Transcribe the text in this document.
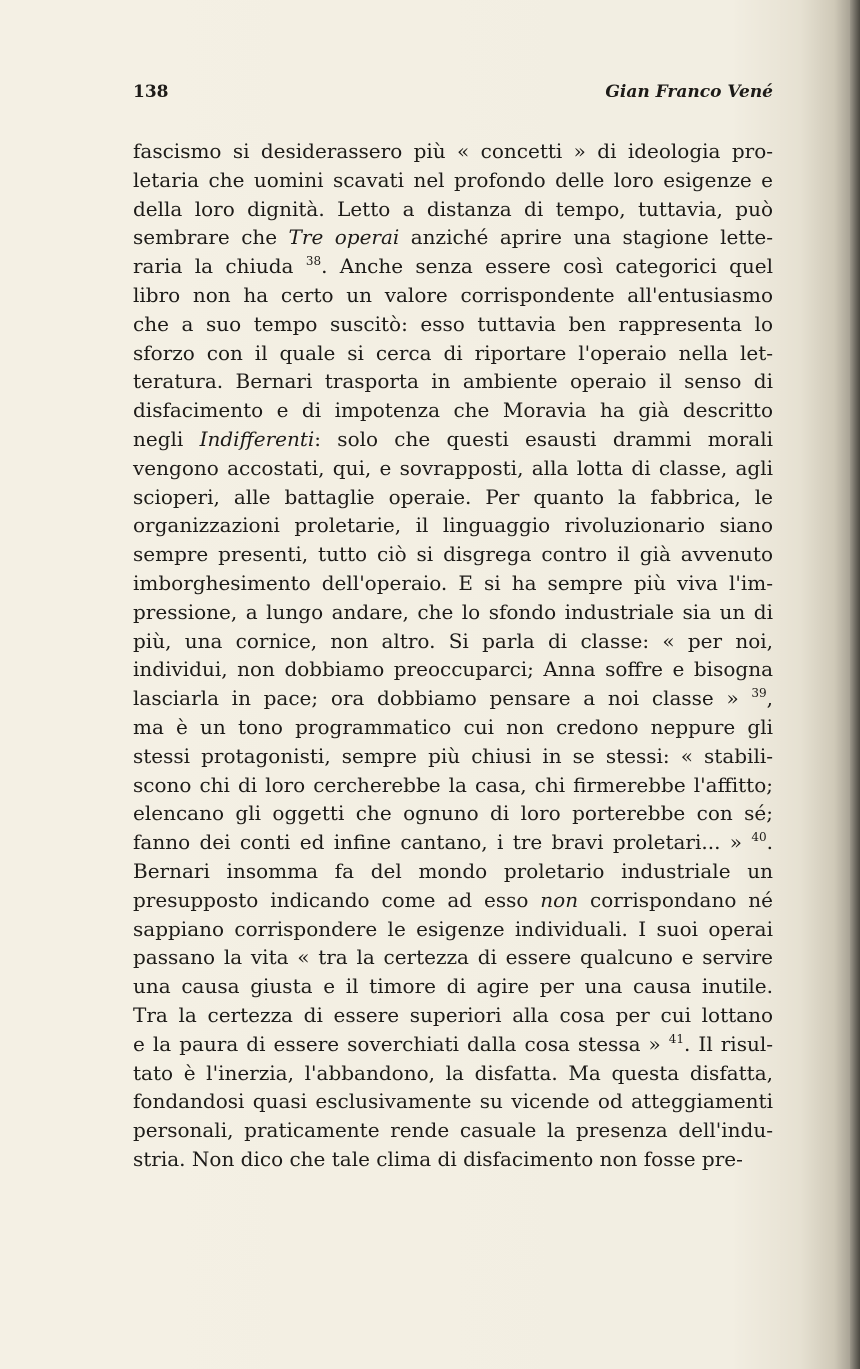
138	Gian Franco Vené
fascismo si desiderassero più « concetti » di ideologia pro-
letaria che uomini scavati nel profondo delle loro esigenze e
della loro dignità. Letto a distanza di tempo, tuttavia, può
sembrare che Tre operai anziché aprire una stagione lette-
raria la chiuda $^{38}$. Anche senza essere così categorici quel
libro non ha certo un valore corrispondente all'entusiasmo
che a suo tempo suscitò: esso tuttavia ben rappresenta lo
sforzo con il quale si cerca di riportare l'operaio nella let-
teratura. Bernari trasporta in ambiente operaio il senso di
disfacimento e di impotenza che Moravia ha già descritto
negli Indifferenti: solo che questi esausti drammi morali
vengono accostati, qui, e sovrapposti, alla lotta di classe, agli
scioperi, alle battaglie operaie. Per quanto la fabbrica, le
organizzazioni proletarie, il linguaggio rivoluzionario siano
sempre presenti, tutto ciò si disgrega contro il già avvenuto
imborghesimento dell'operaio. E si ha sempre più viva l'im-
pressione, a lungo andare, che lo sfondo industriale sia un di
più, una cornice, non altro. Si parla di classe: « per noi,
individui, non dobbiamo preoccuparci; Anna soffre e bisogna
lasciarla in pace; ora dobbiamo pensare a noi classe » $^{39}$,
ma è un tono programmatico cui non credono neppure gli
stessi protagonisti, sempre più chiusi in se stessi: « stabili-
scono chi di loro cercherebbe la casa, chi firmerebbe l'affitto;
elencano gli oggetti che ognuno di loro porterebbe con sé;
fanno dei conti ed infine cantano, i tre bravi proletari... » $^{40}$.
Bernari insomma fa del mondo proletario industriale un
presupposto indicando come ad esso non corrispondano né
sappiano corrispondere le esigenze individuali. I suoi operai
passano la vita « tra la certezza di essere qualcuno e servire
una causa giusta e il timore di agire per una causa inutile.
Tra la certezza di essere superiori alla cosa per cui lottano
e la paura di essere soverchiati dalla cosa stessa » $^{41}$. Il risul-
tato è l'inerzia, l'abbandono, la disfatta. Ma questa disfatta,
fondandosi quasi esclusivamente su vicende od atteggiamenti
personali, praticamente rende casuale la presenza dell'indu-
stria. Non dico che tale clima di disfacimento non fosse pre-
